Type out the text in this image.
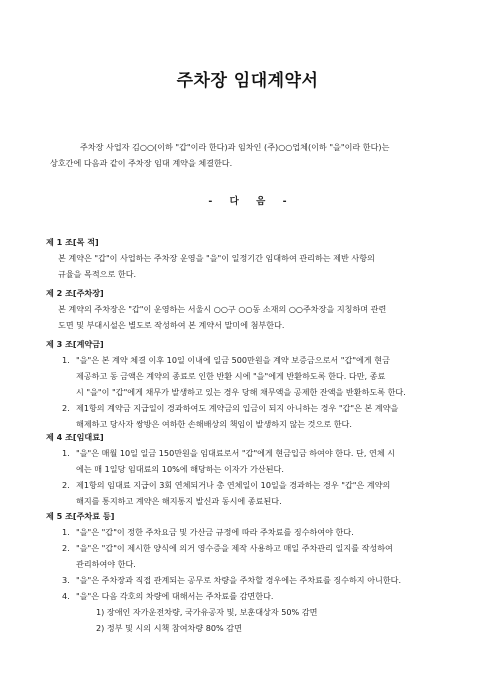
주차장 임대계약서
주차장 사업자 김○○(이하 "갑"이라 한다)과 임차인 (주)○○업체(이하 "을"이라 한다)는
상호간에 다음과 같이 주차장 임대 계약을 체결한다.
- 다 음 -
제 1 조[목 적]
본 계약은 "갑"이 사업하는 주차장 운영을 "을"이 일정기간 임대하여 관리하는 제반 사항의
규율을 목적으로 한다.
제 2 조[주차장]
본 계약의 주차장은 "갑"이 운영하는 서울시 ○○구 ○○동 소재의 ○○주차장을 지칭하며 관련
도면 및 부대시설은 별도로 작성하여 본 계약서 말미에 첨부한다.
제 3 조[계약금]
1. "을"은 본 계약 체결 이후 10일 이내에 일금 500만원을 계약 보증금으로서 "갑"에게 현금
제공하고 동 금액은 계약의 종료로 인한 반환 시에 "을"에게 반환하도록 한다. 다만, 종료
시 "을"이 "갑"에게 채무가 발생하고 있는 경우 당해 채무액을 공제한 잔액을 반환하도록 한다.
2. 제1항의 계약금 지급일이 경과하여도 계약금의 입금이 되지 아니하는 경우 "갑"은 본 계약을
해제하고 당사자 쌍방은 여하한 손해배상의 책임이 발생하지 않는 것으로 한다.
제 4 조[임대료]
1. "을"은 매월 10일 일금 150만원을 임대료로서 "갑"에게 현금입금 하여야 한다. 단, 연체 시
에는 매 1일당 임대료의 10%에 해당하는 이자가 가산된다.
2. 제1항의 임대료 지급이 3회 연체되거나 총 연체일이 10일을 경과하는 경우 "갑"은 계약의
해지를 통지하고 계약은 해지통지 발신과 동시에 종료된다.
제 5 조[주차료 등]
1. "을"은 "갑"이 정한 주차요금 및 가산금 규정에 따라 주차료를 징수하여야 한다.
2. "을"은 "갑"이 제시한 양식에 의거 영수증을 제작 사용하고 매일 주차관리 일지를 작성하여
관리하여야 한다.
3. "을"은 주차장과 직접 관계되는 공무로 차량을 주차할 경우에는 주차료를 징수하지 아니한다.
4. "을"은 다음 각호의 차량에 대해서는 주차료를 감면한다.
1) 장애인 자가운전차량, 국가유공자 및, 보훈대상자 50% 감면
2) 정부 및 시의 시책 참여차량 80% 감면
